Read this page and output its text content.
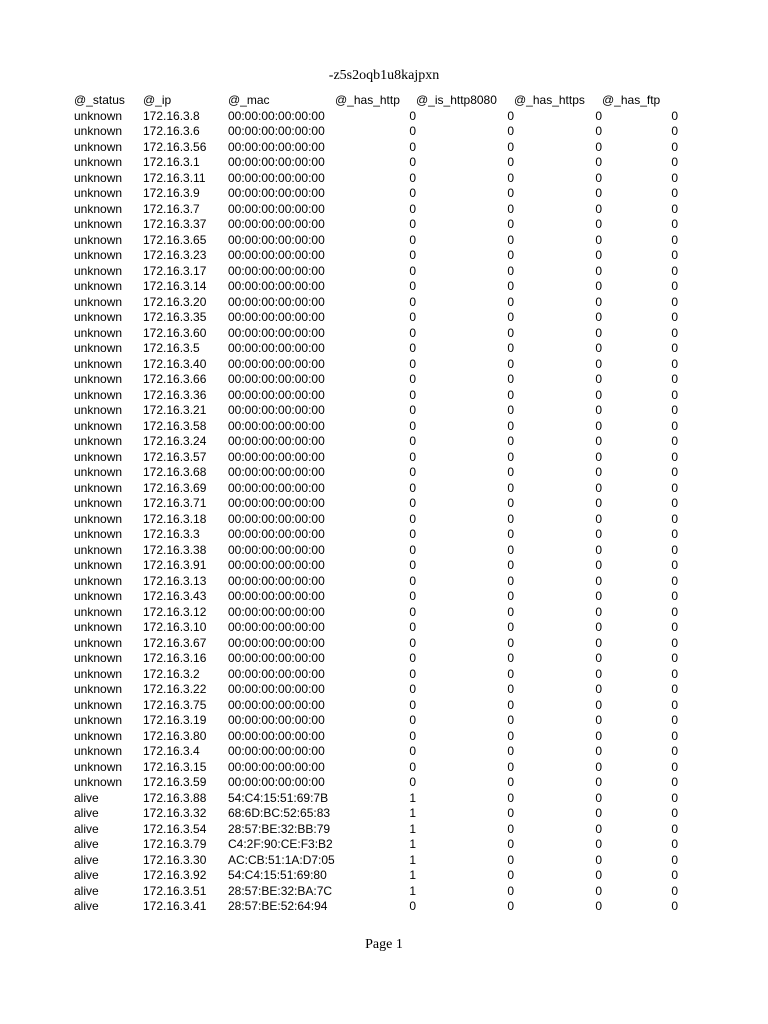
-z5s2oqb1u8kajpxn
@_status	@_ip	@_mac	@_has_http	@_is_http8080	@_has_https	@_has_ftp
unknown	172.16.3.8	00:00:00:00:00:00	0	0	0	0
unknown	172.16.3.6	00:00:00:00:00:00	0	0	0	0
unknown	172.16.3.56	00:00:00:00:00:00	0	0	0	0
unknown	172.16.3.1	00:00:00:00:00:00	0	0	0	0
unknown	172.16.3.11	00:00:00:00:00:00	0	0	0	0
unknown	172.16.3.9	00:00:00:00:00:00	0	0	0	0
unknown	172.16.3.7	00:00:00:00:00:00	0	0	0	0
unknown	172.16.3.37	00:00:00:00:00:00	0	0	0	0
unknown	172.16.3.65	00:00:00:00:00:00	0	0	0	0
unknown	172.16.3.23	00:00:00:00:00:00	0	0	0	0
unknown	172.16.3.17	00:00:00:00:00:00	0	0	0	0
unknown	172.16.3.14	00:00:00:00:00:00	0	0	0	0
unknown	172.16.3.20	00:00:00:00:00:00	0	0	0	0
unknown	172.16.3.35	00:00:00:00:00:00	0	0	0	0
unknown	172.16.3.60	00:00:00:00:00:00	0	0	0	0
unknown	172.16.3.5	00:00:00:00:00:00	0	0	0	0
unknown	172.16.3.40	00:00:00:00:00:00	0	0	0	0
unknown	172.16.3.66	00:00:00:00:00:00	0	0	0	0
unknown	172.16.3.36	00:00:00:00:00:00	0	0	0	0
unknown	172.16.3.21	00:00:00:00:00:00	0	0	0	0
unknown	172.16.3.58	00:00:00:00:00:00	0	0	0	0
unknown	172.16.3.24	00:00:00:00:00:00	0	0	0	0
unknown	172.16.3.57	00:00:00:00:00:00	0	0	0	0
unknown	172.16.3.68	00:00:00:00:00:00	0	0	0	0
unknown	172.16.3.69	00:00:00:00:00:00	0	0	0	0
unknown	172.16.3.71	00:00:00:00:00:00	0	0	0	0
unknown	172.16.3.18	00:00:00:00:00:00	0	0	0	0
unknown	172.16.3.3	00:00:00:00:00:00	0	0	0	0
unknown	172.16.3.38	00:00:00:00:00:00	0	0	0	0
unknown	172.16.3.91	00:00:00:00:00:00	0	0	0	0
unknown	172.16.3.13	00:00:00:00:00:00	0	0	0	0
unknown	172.16.3.43	00:00:00:00:00:00	0	0	0	0
unknown	172.16.3.12	00:00:00:00:00:00	0	0	0	0
unknown	172.16.3.10	00:00:00:00:00:00	0	0	0	0
unknown	172.16.3.67	00:00:00:00:00:00	0	0	0	0
unknown	172.16.3.16	00:00:00:00:00:00	0	0	0	0
unknown	172.16.3.2	00:00:00:00:00:00	0	0	0	0
unknown	172.16.3.22	00:00:00:00:00:00	0	0	0	0
unknown	172.16.3.75	00:00:00:00:00:00	0	0	0	0
unknown	172.16.3.19	00:00:00:00:00:00	0	0	0	0
unknown	172.16.3.80	00:00:00:00:00:00	0	0	0	0
unknown	172.16.3.4	00:00:00:00:00:00	0	0	0	0
unknown	172.16.3.15	00:00:00:00:00:00	0	0	0	0
unknown	172.16.3.59	00:00:00:00:00:00	0	0	0	0
alive	172.16.3.88	54:C4:15:51:69:7B	1	0	0	0
alive	172.16.3.32	68:6D:BC:52:65:83	1	0	0	0
alive	172.16.3.54	28:57:BE:32:BB:79	1	0	0	0
alive	172.16.3.79	C4:2F:90:CE:F3:B2	1	0	0	0
alive	172.16.3.30	AC:CB:51:1A:D7:05	1	0	0	0
alive	172.16.3.92	54:C4:15:51:69:80	1	0	0	0
alive	172.16.3.51	28:57:BE:32:BA:7C	1	0	0	0
alive	172.16.3.41	28:57:BE:52:64:94	0	0	0	0
Page 1
